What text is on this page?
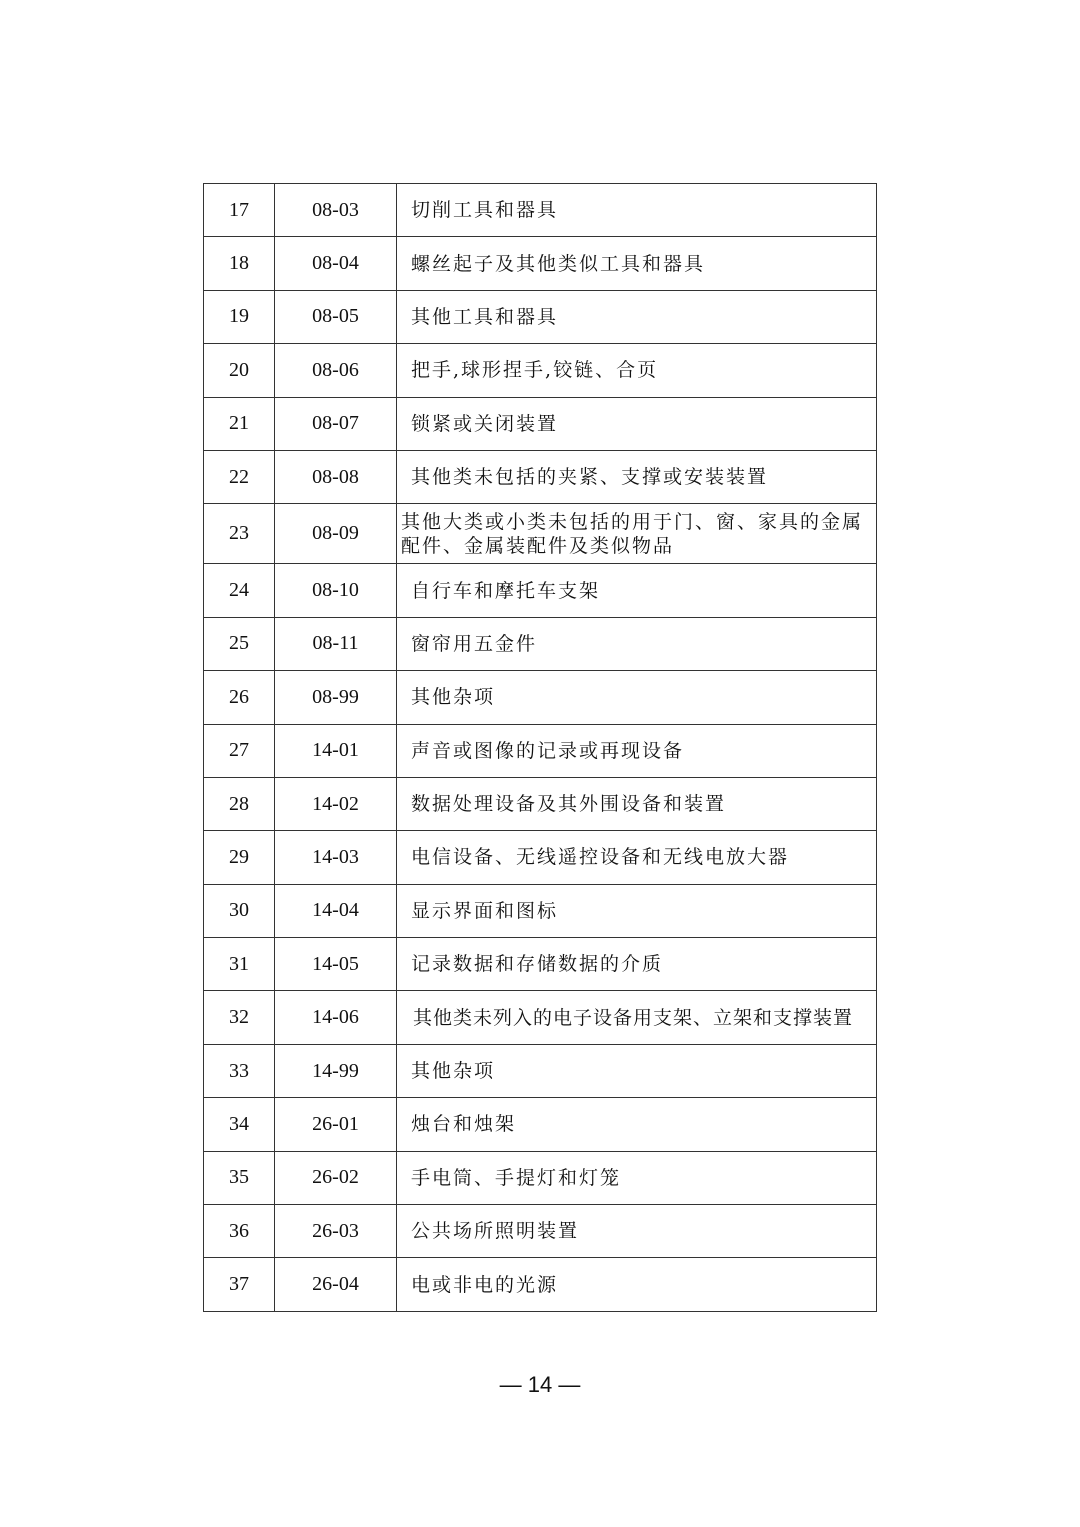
17	08-03	切削工具和器具
18	08-04	螺丝起子及其他类似工具和器具
19	08-05	其他工具和器具
20	08-06	把手,球形捏手,铰链、合页
21	08-07	锁紧或关闭装置
22	08-08	其他类未包括的夹紧、支撑或安装装置
23	08-09	其他大类或小类未包括的用于门、窗、家具的金属配件、金属装配件及类似物品
24	08-10	自行车和摩托车支架
25	08-11	窗帘用五金件
26	08-99	其他杂项
27	14-01	声音或图像的记录或再现设备
28	14-02	数据处理设备及其外围设备和装置
29	14-03	电信设备、无线遥控设备和无线电放大器
30	14-04	显示界面和图标
31	14-05	记录数据和存储数据的介质
32	14-06	其他类未列入的电子设备用支架、立架和支撑装置
33	14-99	其他杂项
34	26-01	烛台和烛架
35	26-02	手电筒、手提灯和灯笼
36	26-03	公共场所照明装置
37	26-04	电或非电的光源
— 14 —
